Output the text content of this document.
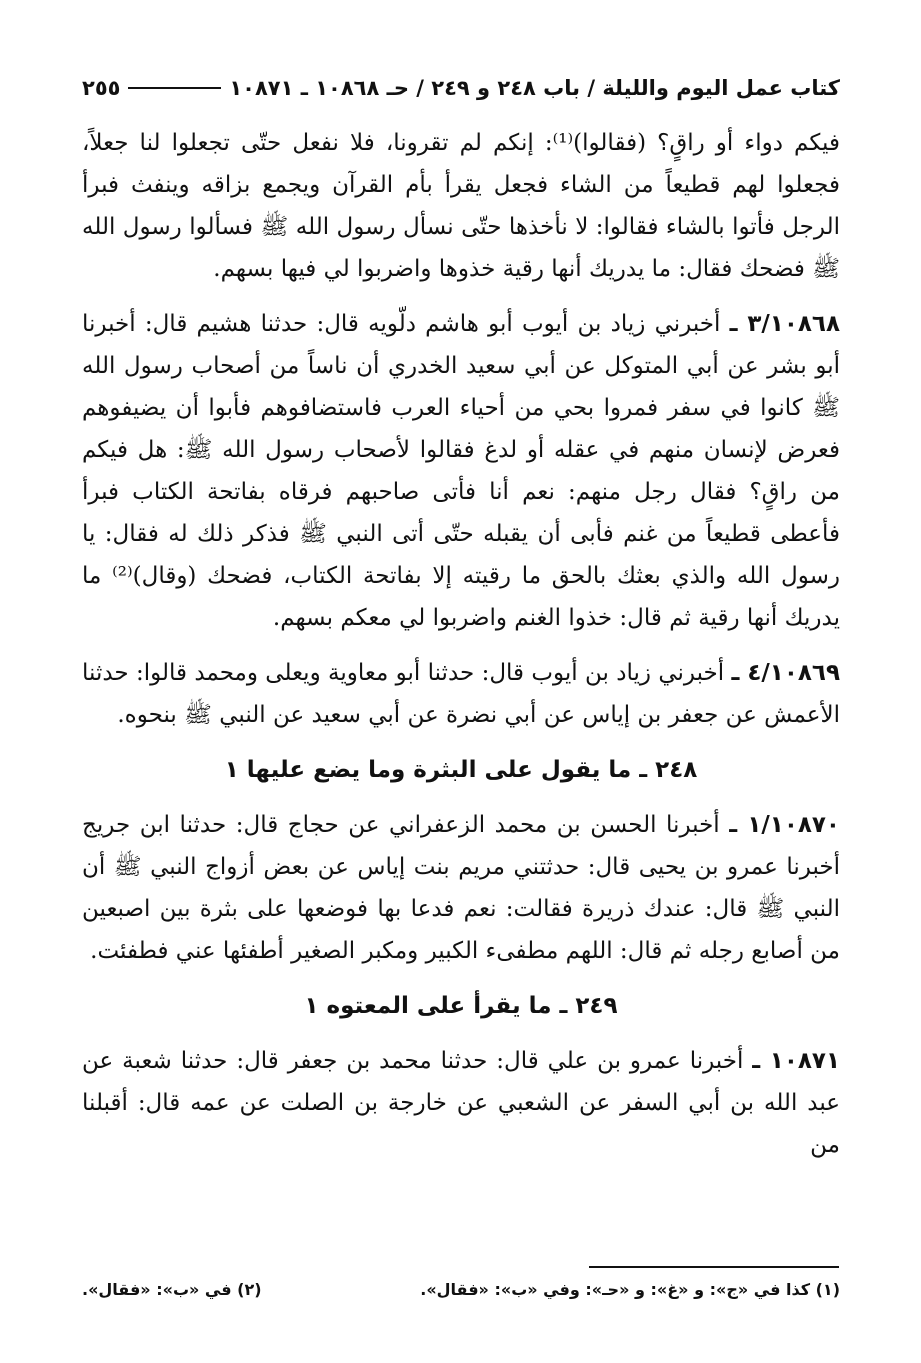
كتاب عمل اليوم والليلة / باب ٢٤٨ و ٢٤٩ / حـ ١٠٨٦٨ ـ ١٠٨٧١
٢٥٥

فيكم دواء أو راقٍ؟ (فقالوا)⁽¹⁾: إنكم لم تقرونا، فلا نفعل حتّى تجعلوا لنا جعلاً، فجعلوا لهم قطيعاً من الشاء فجعل يقرأ بأم القرآن ويجمع بزاقه وينفث فبرأ الرجل فأتوا بالشاء فقالوا: لا نأخذها حتّى نسأل رسول الله ﷺ فسألوا رسول الله ﷺ فضحك فقال: ما يدريك أنها رقية خذوها واضربوا لي فيها بسهم.

٣/١٠٨٦٨ ـ أخبرني زياد بن أيوب أبو هاشم دلّويه قال: حدثنا هشيم قال: أخبرنا أبو بشر عن أبي المتوكل عن أبي سعيد الخدري أن ناساً من أصحاب رسول الله ﷺ كانوا في سفر فمروا بحي من أحياء العرب فاستضافوهم فأبوا أن يضيفوهم فعرض لإنسان منهم في عقله أو لدغ فقالوا لأصحاب رسول الله ﷺ: هل فيكم من راقٍ؟ فقال رجل منهم: نعم أنا فأتى صاحبهم فرقاه بفاتحة الكتاب فبرأ فأعطى قطيعاً من غنم فأبى أن يقبله حتّى أتى النبي ﷺ فذكر ذلك له فقال: يا رسول الله والذي بعثك بالحق ما رقيته إلا بفاتحة الكتاب، فضحك (وقال)⁽²⁾ ما يدريك أنها رقية ثم قال: خذوا الغنم واضربوا لي معكم بسهم.

٤/١٠٨٦٩ ـ أخبرني زياد بن أيوب قال: حدثنا أبو معاوية ويعلى ومحمد قالوا: حدثنا الأعمش عن جعفر بن إياس عن أبي نضرة عن أبي سعيد عن النبي ﷺ بنحوه.

٢٤٨ ـ ما يقول على البثرة وما يضع عليها ۱

١/١٠٨٧٠ ـ أخبرنا الحسن بن محمد الزعفراني عن حجاج قال: حدثنا ابن جريج أخبرنا عمرو بن يحيى قال: حدثتني مريم بنت إياس عن بعض أزواج النبي ﷺ أن النبي ﷺ قال: عندك ذريرة فقالت: نعم فدعا بها فوضعها على بثرة بين اصبعين من أصابع رجله ثم قال: اللهم مطفىء الكبير ومكبر الصغير أطفئها عني فطفئت.

٢٤٩ ـ ما يقرأ على المعتوه ۱

١٠٨٧١ ـ أخبرنا عمرو بن علي قال: حدثنا محمد بن جعفر قال: حدثنا شعبة عن عبد الله بن أبي السفر عن الشعبي عن خارجة بن الصلت عن عمه قال: أقبلنا من

(١) كذا في «ج»: و «غ»: و «حـ»: وفي «ب»: «فقال».
(٢) في «ب»: «فقال».
